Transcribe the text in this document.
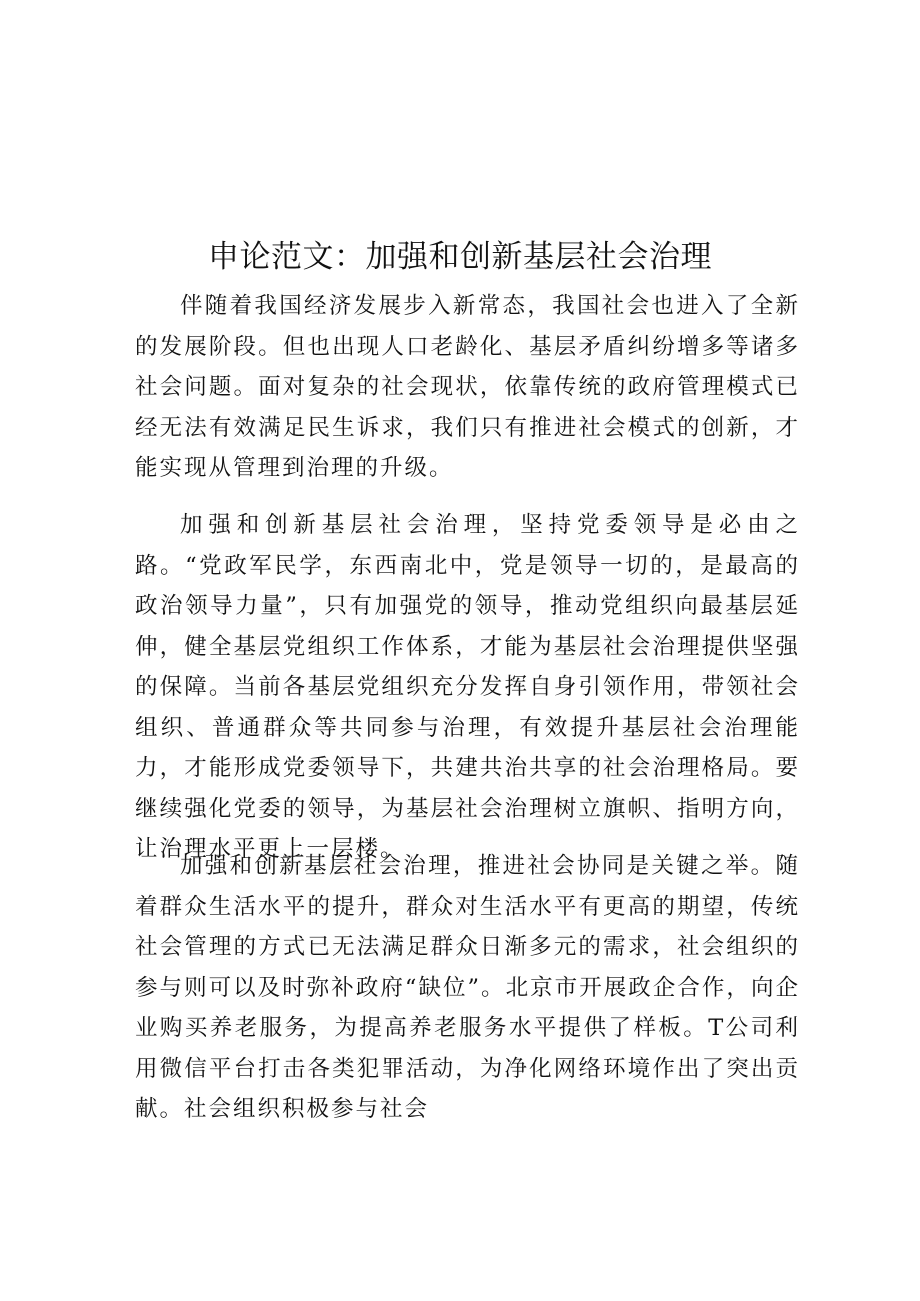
申论范文：加强和创新基层社会治理

伴随着我国经济发展步入新常态，我国社会也进入了全新的发展阶段。但也出现人口老龄化、基层矛盾纠纷增多等诸多社会问题。面对复杂的社会现状，依靠传统的政府管理模式已经无法有效满足民生诉求，我们只有推进社会模式的创新，才能实现从管理到治理的升级。

加强和创新基层社会治理，坚持党委领导是必由之路。“党政军民学，东西南北中，党是领导一切的，是最高的政治领导力量”，只有加强党的领导，推动党组织向最基层延伸，健全基层党组织工作体系，才能为基层社会治理提供坚强的保障。当前各基层党组织充分发挥自身引领作用，带领社会组织、普通群众等共同参与治理，有效提升基层社会治理能力，才能形成党委领导下，共建共治共享的社会治理格局。要继续强化党委的领导，为基层社会治理树立旗帜、指明方向，让治理水平更上一层楼。

加强和创新基层社会治理，推进社会协同是关键之举。随着群众生活水平的提升，群众对生活水平有更高的期望，传统社会管理的方式已无法满足群众日渐多元的需求，社会组织的参与则可以及时弥补政府“缺位”。北京市开展政企合作，向企业购买养老服务，为提高养老服务水平提供了样板。T公司利用微信平台打击各类犯罪活动，为净化网络环境作出了突出贡献。社会组织积极参与社会
